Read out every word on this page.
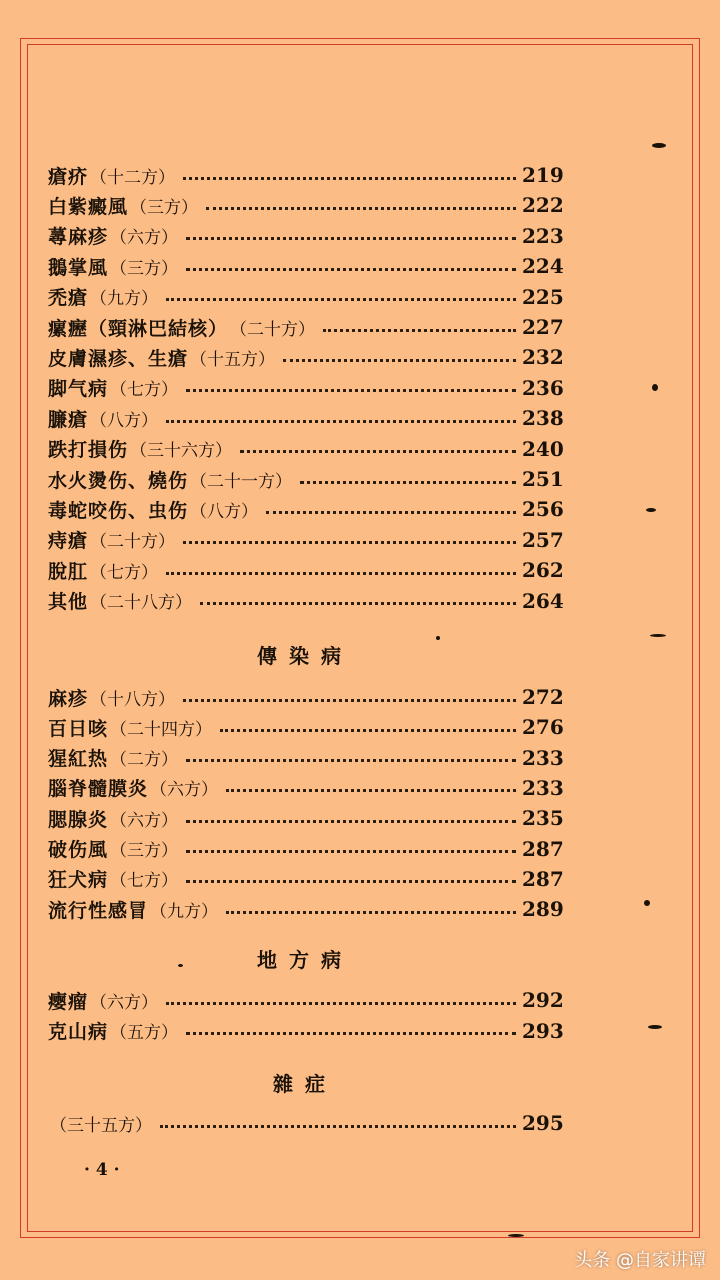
瘡疥 （十二方）	219
白紫癜風 （三方）	222
蕁麻疹 （六方）	223
鵝掌風 （三方）	224
禿瘡 （九方）	225
瘰癧（頸淋巴結核） （二十方）	227
皮膚濕疹、生瘡 （十五方）	232
脚气病 （七方）	236
臁瘡 （八方）	238
跌打損伤 （三十六方）	240
水火燙伤、燒伤 （二十一方）	251
毒蛇咬伤、虫伤 （八方）	256
痔瘡 （二十方）	257
脫肛 （七方）	262
其他 （二十八方）	264
傳染病
麻疹 （十八方）	272
百日咳 （二十四方）	276
猩紅热 （二方）	233
腦脊髓膜炎 （六方）	233
腮腺炎 （六方）	235
破伤風 （三方）	287
狂犬病 （七方）	287
流行性感冒 （九方）	289
地方病
瘿瘤 （六方）	292
克山病 （五方）	293
雜症
（三十五方）	295
· 4 ·
头条 @自家讲谭
